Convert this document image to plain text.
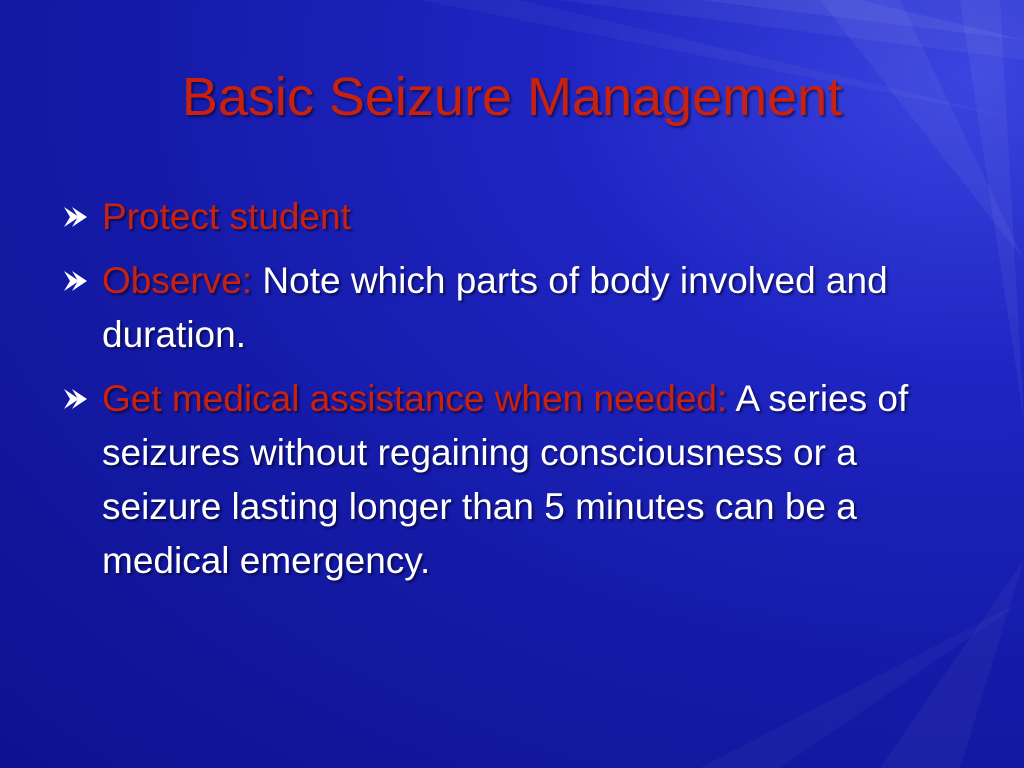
Basic Seizure Management
Protect student
Observe: Note which parts of body involved and duration.
Get medical assistance when needed: A series of seizures without regaining consciousness or a seizure lasting longer than 5 minutes can be a medical emergency.
